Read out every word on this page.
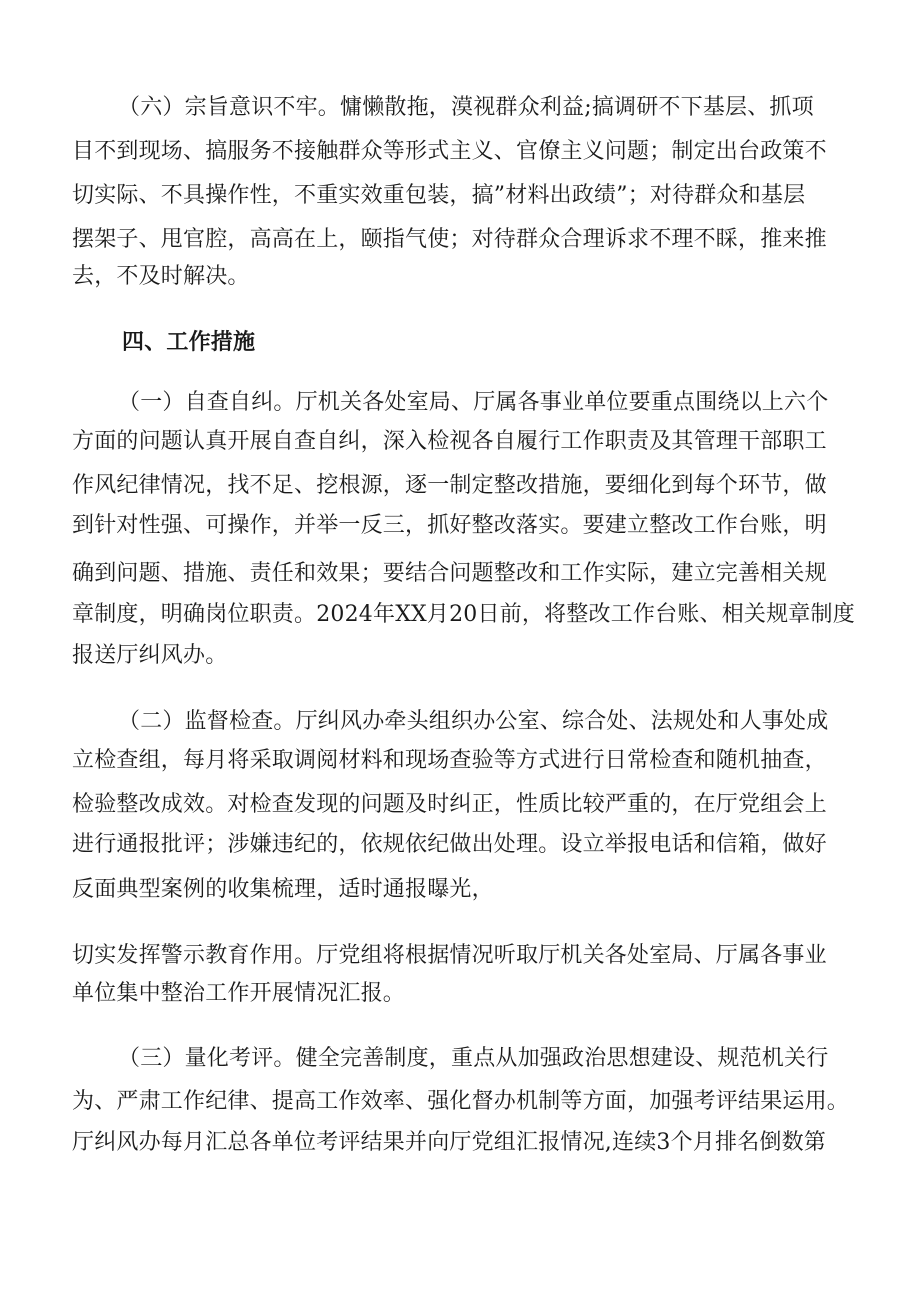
（六）宗旨意识不牢。慵懒散拖，漠视群众利益;搞调研不下基层、抓项
目不到现场、搞服务不接触群众等形式主义、官僚主义问题；制定出台政策不
切实际、不具操作性，不重实效重包装，搞”材料出政绩”；对待群众和基层
摆架子、甩官腔，高高在上，颐指气使；对待群众合理诉求不理不睬，推来推
去，不及时解决。
四、工作措施
（一）自查自纠。厅机关各处室局、厅属各事业单位要重点围绕以上六个
方面的问题认真开展自查自纠，深入检视各自履行工作职责及其管理干部职工
作风纪律情况，找不足、挖根源，逐一制定整改措施，要细化到每个环节，做
到针对性强、可操作，并举一反三，抓好整改落实。要建立整改工作台账，明
确到问题、措施、责任和效果；要结合问题整改和工作实际，建立完善相关规
章制度，明确岗位职责。2024年XX月20日前，将整改工作台账、相关规章制度
报送厅纠风办。
（二）监督检查。厅纠风办牵头组织办公室、综合处、法规处和人事处成
立检查组，每月将采取调阅材料和现场查验等方式进行日常检查和随机抽查，
检验整改成效。对检查发现的问题及时纠正，性质比较严重的，在厅党组会上
进行通报批评；涉嫌违纪的，依规依纪做出处理。设立举报电话和信箱，做好
反面典型案例的收集梳理，适时通报曝光，
切实发挥警示教育作用。厅党组将根据情况听取厅机关各处室局、厅属各事业
单位集中整治工作开展情况汇报。
（三）量化考评。健全完善制度，重点从加强政治思想建设、规范机关行
为、严肃工作纪律、提高工作效率、强化督办机制等方面，加强考评结果运用。
厅纠风办每月汇总各单位考评结果并向厅党组汇报情况,连续3个月排名倒数第
